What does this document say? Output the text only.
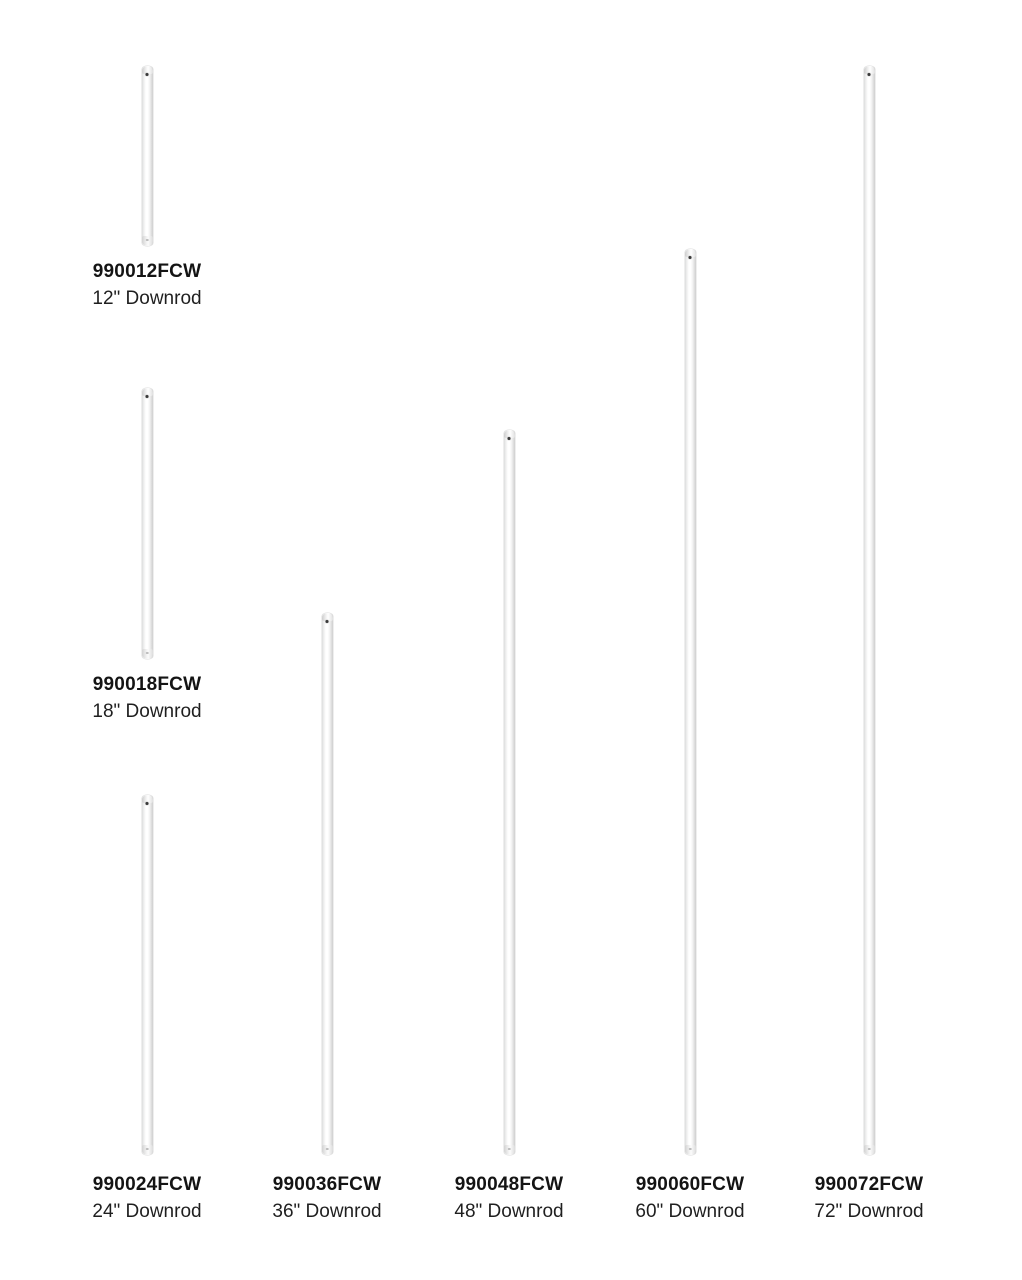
990012FCW
12" Downrod
990018FCW
18" Downrod
990024FCW
24" Downrod
990036FCW
36" Downrod
990048FCW
48" Downrod
990060FCW
60" Downrod
990072FCW
72" Downrod
